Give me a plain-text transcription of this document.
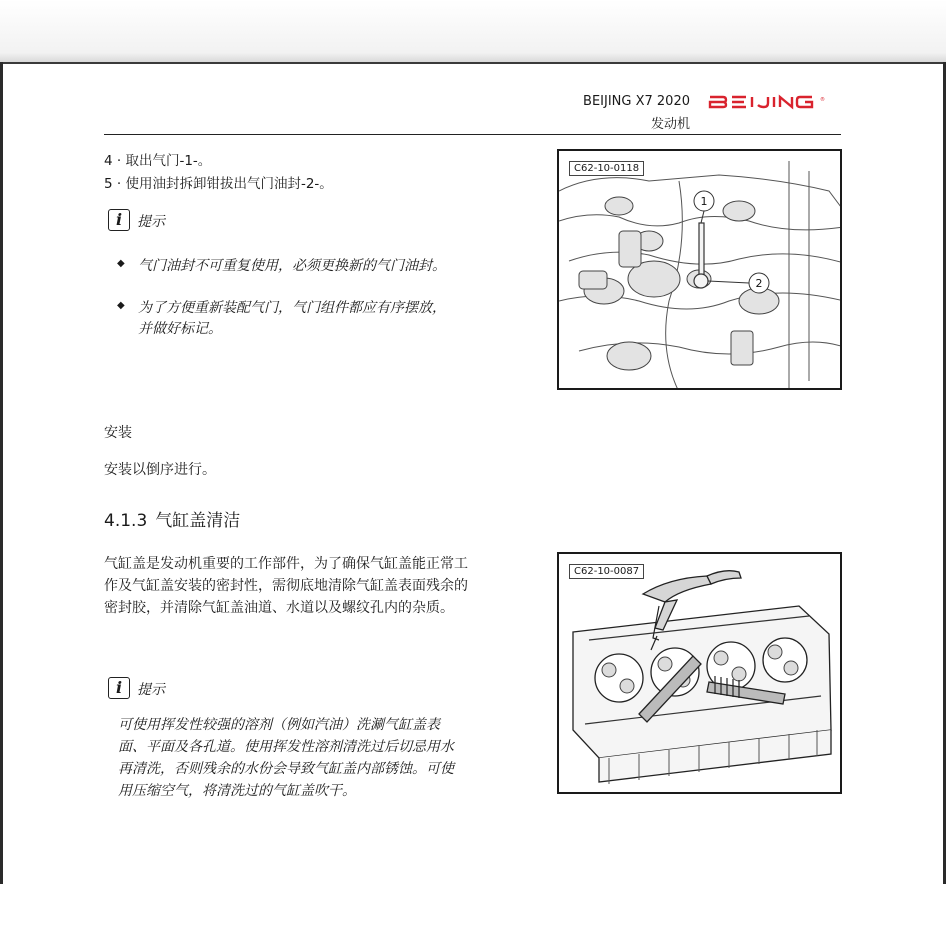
BEIJING X7 2020
发动机
®
4 · 取出气门-1-。
5 · 使用油封拆卸钳拔出气门油封-2-。
i	提示
◆ 气门油封不可重复使用，必须更换新的气门油封。
◆ 为了方便重新装配气门，气门组件都应有序摆放，并做好标记。
1
2
C62-10-0118
安装
安装以倒序进行。
4.1.3 气缸盖清洁
气缸盖是发动机重要的工作部件，为了确保气缸盖能正常工作及气缸盖安装的密封性，需彻底地清除气缸盖表面残余的密封胶，并清除气缸盖油道、水道以及螺纹孔内的杂质。
i	提示
可使用挥发性较强的溶剂（例如汽油）洗涮气缸盖表面、平面及各孔道。使用挥发性溶剂清洗过后切忌用水再清洗，否则残余的水份会导致气缸盖内部锈蚀。可使用压缩空气，将清洗过的气缸盖吹干。
C62-10-0087
